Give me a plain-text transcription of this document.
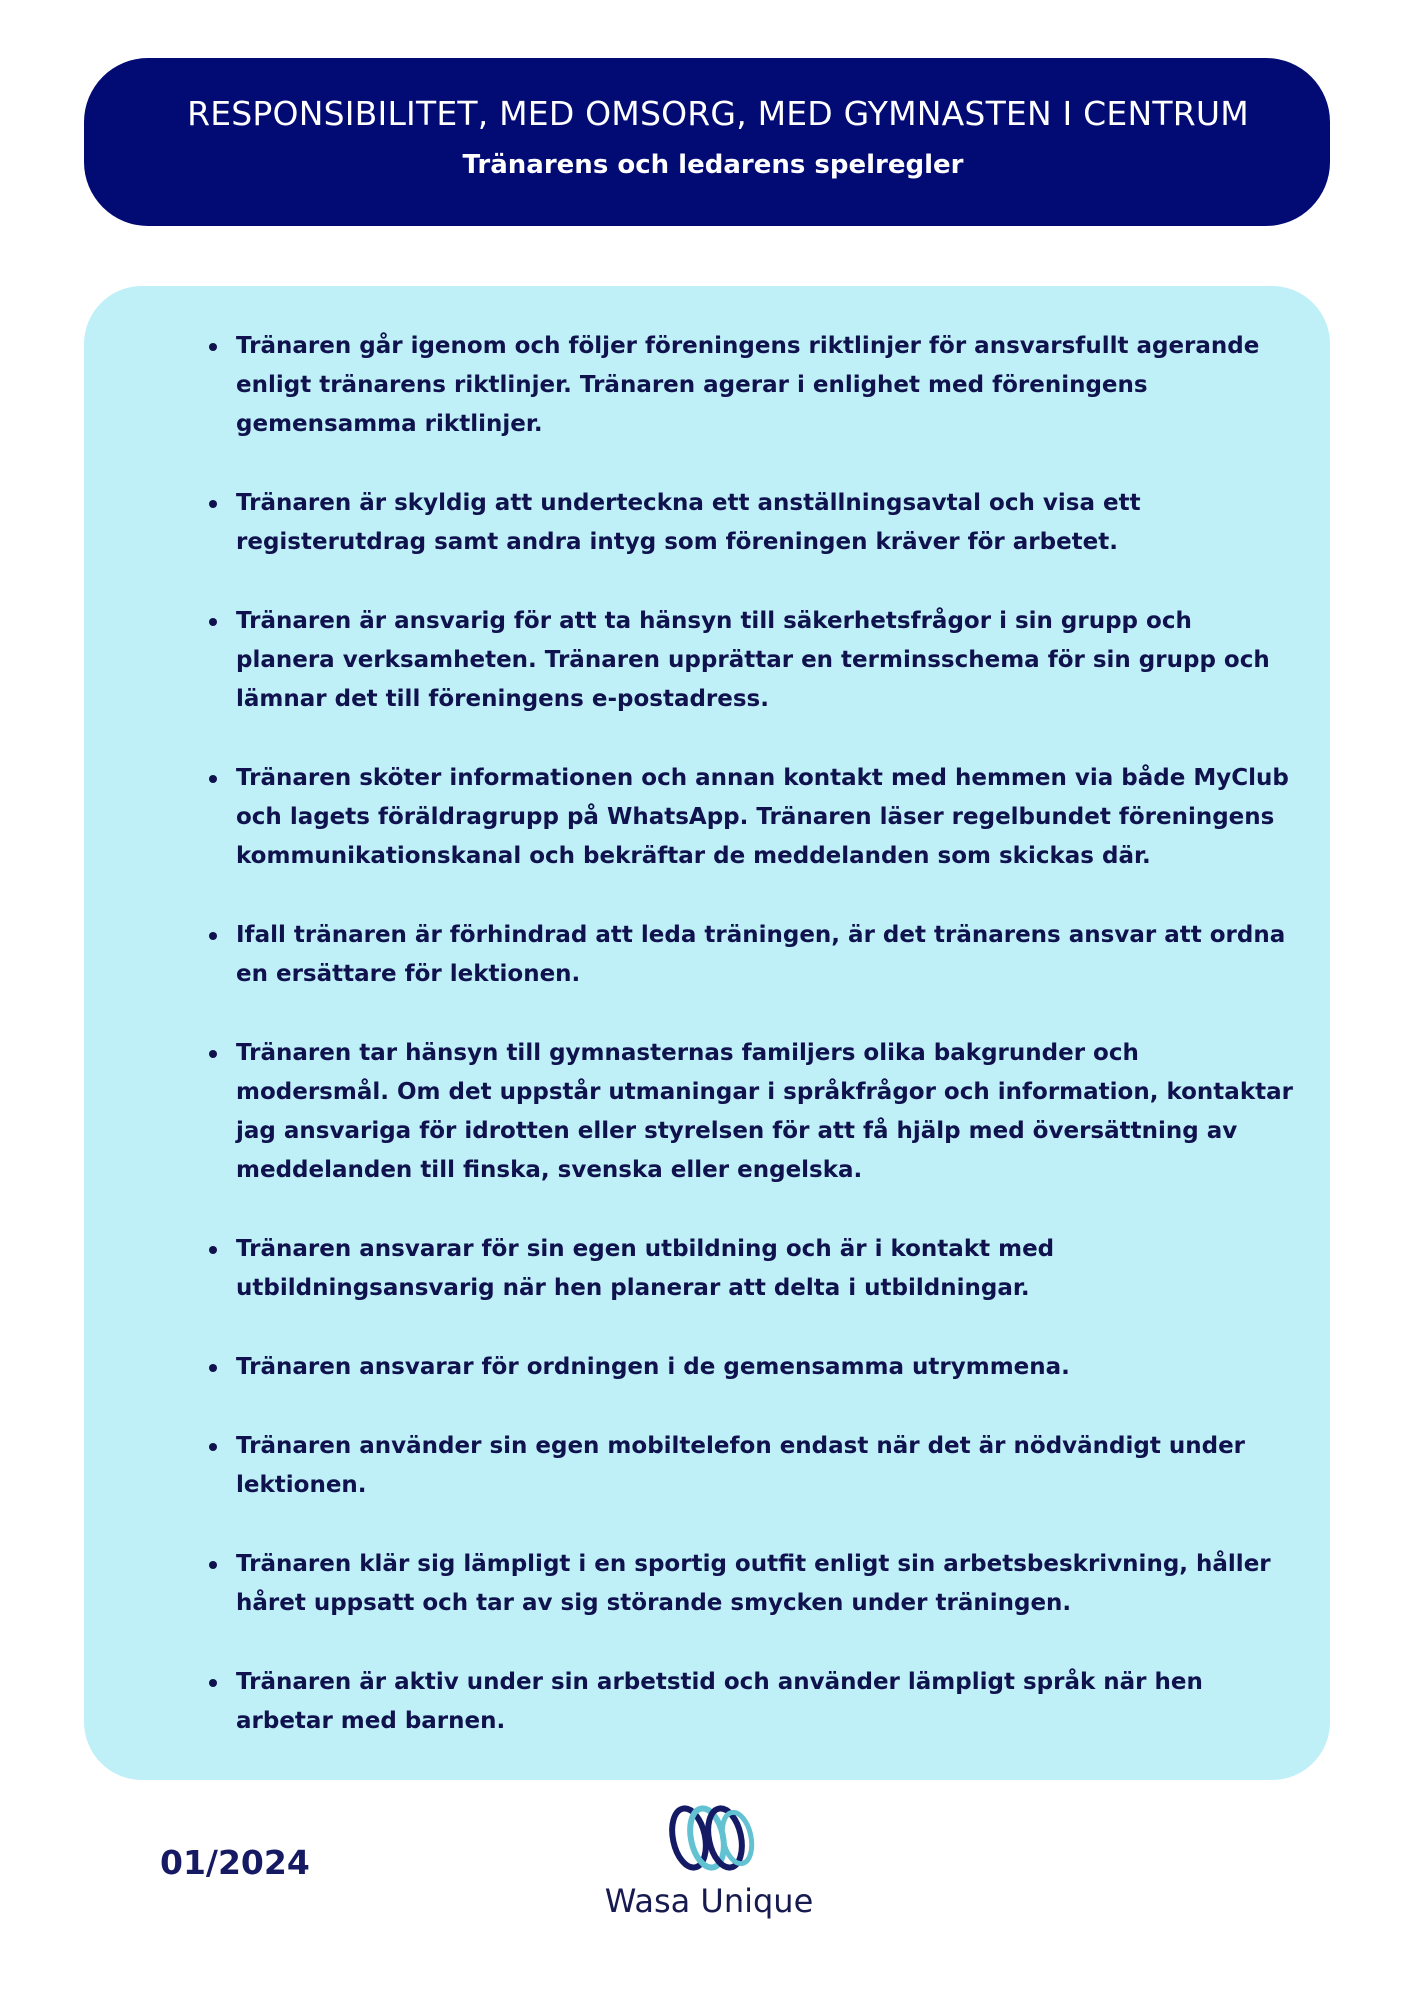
RESPONSIBILITET, MED OMSORG, MED GYMNASTEN I CENTRUM
Tränarens och ledarens spelregler
Tränaren går igenom och följer föreningens riktlinjer för ansvarsfullt agerande enligt tränarens riktlinjer. Tränaren agerar i enlighet med föreningens gemensamma riktlinjer.
Tränaren är skyldig att underteckna ett anställningsavtal och visa ett registerutdrag samt andra intyg som föreningen kräver för arbetet.
Tränaren är ansvarig för att ta hänsyn till säkerhetsfrågor i sin grupp och planera verksamheten. Tränaren upprättar en terminsschema för sin grupp och lämnar det till föreningens e-postadress.
Tränaren sköter informationen och annan kontakt med hemmen via både MyClub och lagets föräldragrupp på WhatsApp. Tränaren läser regelbundet föreningens kommunikationskanal och bekräftar de meddelanden som skickas där.
Ifall tränaren är förhindrad att leda träningen, är det tränarens ansvar att ordna en ersättare för lektionen.
Tränaren tar hänsyn till gymnasternas familjers olika bakgrunder och modersmål. Om det uppstår utmaningar i språkfrågor och information, kontaktar jag ansvariga för idrotten eller styrelsen för att få hjälp med översättning av meddelanden till finska, svenska eller engelska.
Tränaren ansvarar för sin egen utbildning och är i kontakt med utbildningsansvarig när hen planerar att delta i utbildningar.
Tränaren ansvarar för ordningen i de gemensamma utrymmena.
Tränaren använder sin egen mobiltelefon endast när det är nödvändigt under lektionen.
Tränaren klär sig lämpligt i en sportig outfit enligt sin arbetsbeskrivning, håller håret uppsatt och tar av sig störande smycken under träningen.
Tränaren är aktiv under sin arbetstid och använder lämpligt språk när hen arbetar med barnen.
01/2024
Wasa Unique
